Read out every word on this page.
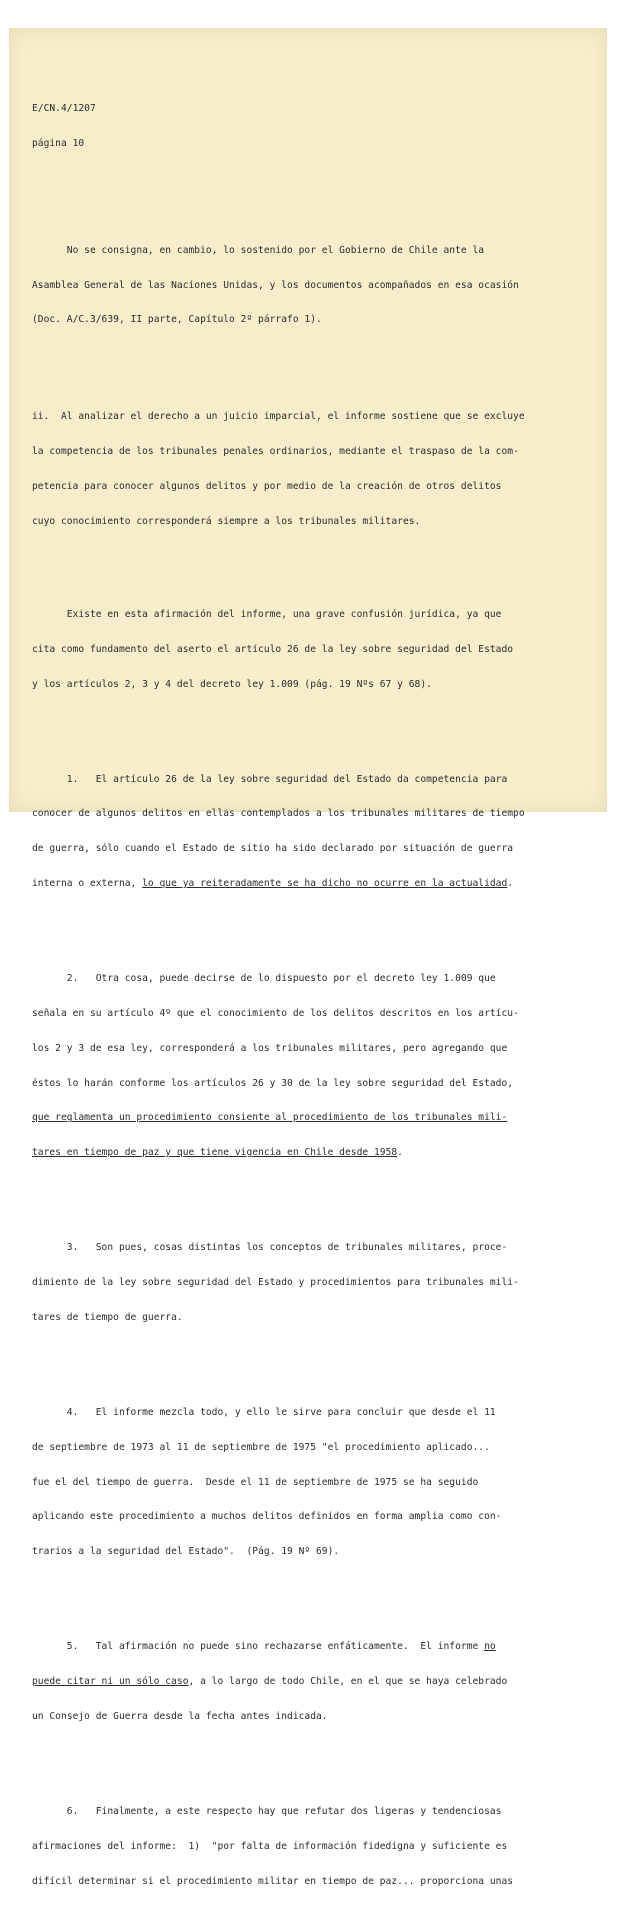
E/CN.4/1207

página 10

No se consigna, en cambio, lo sostenido por el Gobierno de Chile ante la

Asamblea General de las Naciones Unidas, y los documentos acompañados en esa ocasión

(Doc. A/C.3/639, II parte, Capítulo 2º párrafo 1).

ii.  Al analizar el derecho a un juicio imparcial, el informe sostiene que se excluye

la competencia de los tribunales penales ordinarios, mediante el traspaso de la com-

petencia para conocer algunos delitos y por medio de la creación de otros delitos

cuyo conocimiento corresponderá siempre a los tribunales militares.

Existe en esta afirmación del informe, una grave confusión jurídica, ya que

cita como fundamento del aserto el artículo 26 de la ley sobre seguridad del Estado

y los artículos 2, 3 y 4 del decreto ley 1.009 (pág. 19 Nºs 67 y 68).

1.   El artículo 26 de la ley sobre seguridad del Estado da competencia para

conocer de algunos delitos en ellas contemplados a los tribunales militares de tiempo

de guerra, sólo cuando el Estado de sitio ha sido declarado por situación de guerra

interna o externa, lo que ya reiteradamente se ha dicho no ocurre en la actualidad.

2.   Otra cosa, puede decirse de lo dispuesto por el decreto ley 1.009 que

señala en su artículo 4º que el conocimiento de los delitos descritos en los artícu-

los 2 y 3 de esa ley, corresponderá a los tribunales militares, pero agregando que

éstos lo harán conforme los artículos 26 y 30 de la ley sobre seguridad del Estado,

que reglamenta un procedimiento consiente al procedimiento de los tribunales mili-

tares en tiempo de paz y que tiene vigencia en Chile desde 1958.

3.   Son pues, cosas distintas los conceptos de tribunales militares, proce-

dimiento de la ley sobre seguridad del Estado y procedimientos para tribunales mili-

tares de tiempo de guerra.

4.   El informe mezcla todo, y ello le sirve para concluir que desde el 11

de septiembre de 1973 al 11 de septiembre de 1975 "el procedimiento aplicado...

fue el del tiempo de guerra.  Desde el 11 de septiembre de 1975 se ha seguido

aplicando este procedimiento a muchos delitos definidos en forma amplia como con-

trarios a la seguridad del Estado".  (Pág. 19 Nº 69).

5.   Tal afirmación no puede sino rechazarse enfáticamente.  El informe no

puede citar ni un sólo caso, a lo largo de todo Chile, en el que se haya celebrado

un Consejo de Guerra desde la fecha antes indicada.

6.   Finalmente, a este respecto hay que refutar dos ligeras y tendenciosas

afirmaciones del informe:  1)  "por falta de información fidedigna y suficiente es

difícil determinar si el procedimiento militar en tiempo de paz... proporciona unas
